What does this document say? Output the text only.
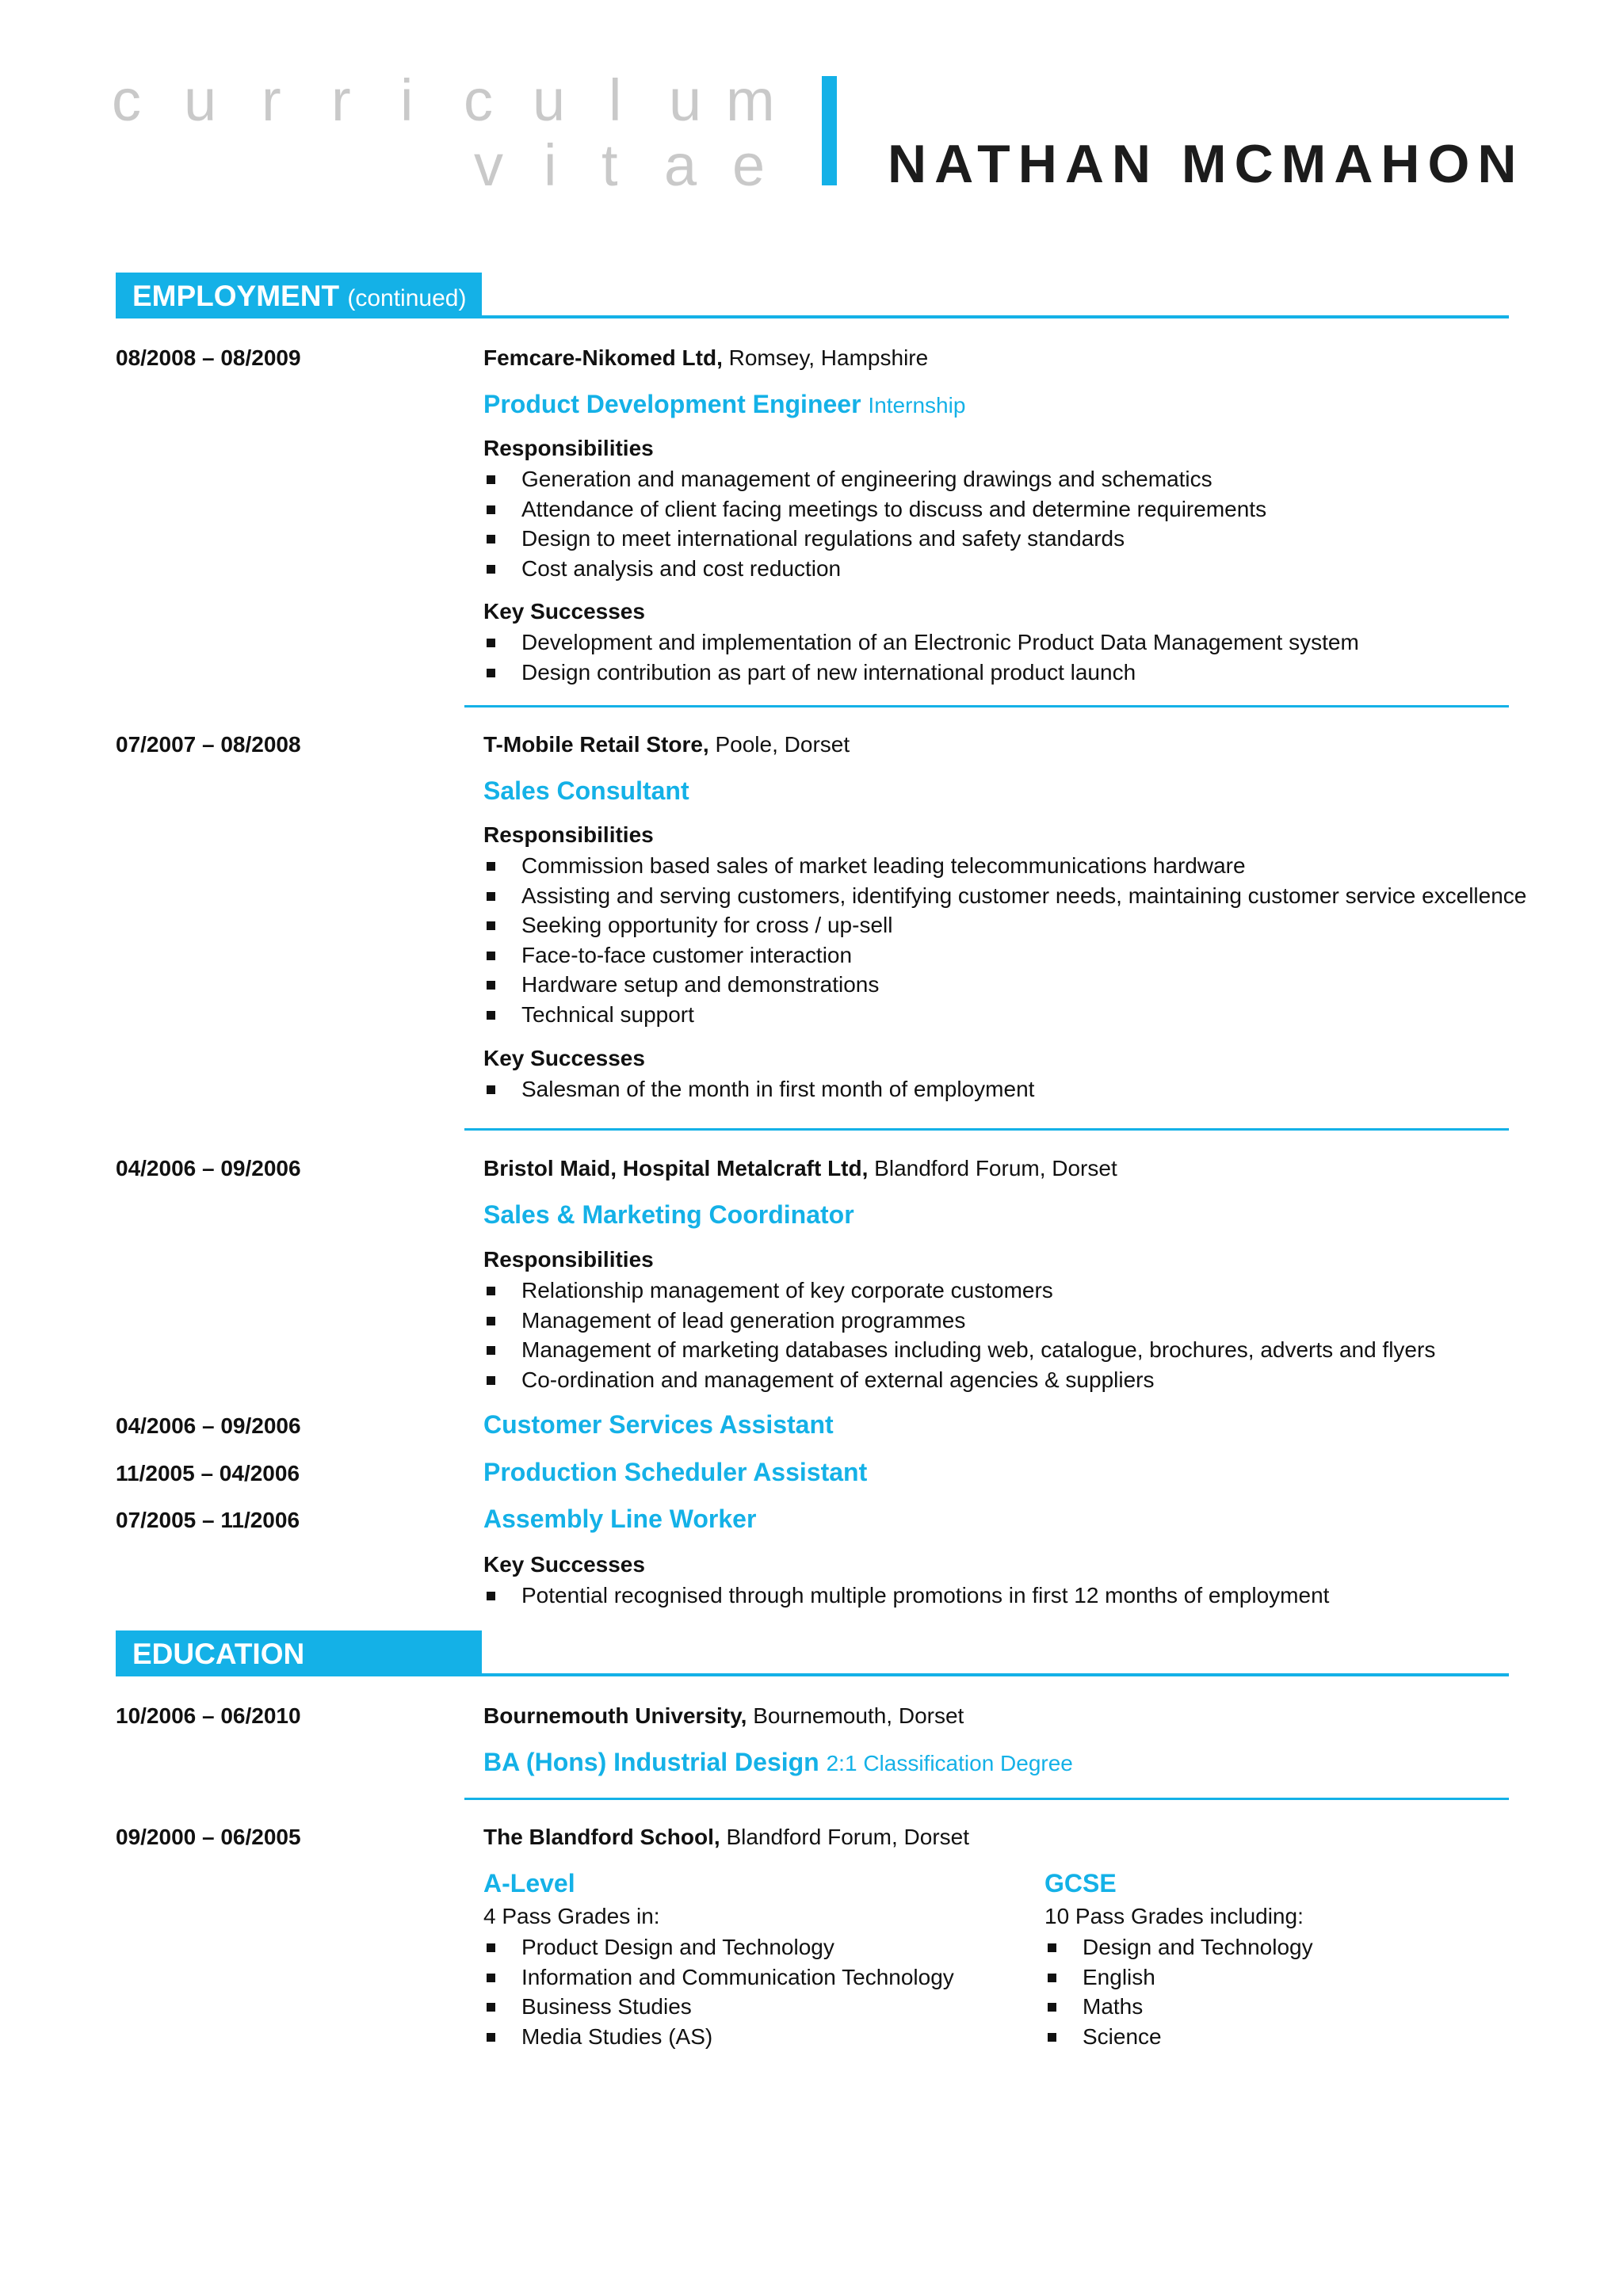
c u r r i c u l u m
v i t a e NATHAN MCMAHON
EMPLOYMENT (continued)
08/2008 – 08/2009	Femcare-Nikomed Ltd, Romsey, Hampshire
Product Development Engineer Internship
Responsibilities
Generation and management of engineering drawings and schematics
Attendance of client facing meetings to discuss and determine requirements
Design to meet international regulations and safety standards
Cost analysis and cost reduction
Key Successes
Development and implementation of an Electronic Product Data Management system
Design contribution as part of new international product launch
07/2007 – 08/2008	T-Mobile Retail Store, Poole, Dorset
Sales Consultant
Responsibilities
Commission based sales of market leading telecommunications hardware
Assisting and serving customers, identifying customer needs, maintaining customer service excellence
Seeking opportunity for cross / up-sell
Face-to-face customer interaction
Hardware setup and demonstrations
Technical support
Key Successes
Salesman of the month in first month of employment
04/2006 – 09/2006	Bristol Maid, Hospital Metalcraft Ltd, Blandford Forum, Dorset
Sales & Marketing Coordinator
Responsibilities
Relationship management of key corporate customers
Management of lead generation programmes
Management of marketing databases including web, catalogue, brochures, adverts and flyers
Co-ordination and management of external agencies & suppliers
04/2006 – 09/2006	Customer Services Assistant
11/2005 – 04/2006	Production Scheduler Assistant
07/2005 – 11/2006	Assembly Line Worker
Key Successes
Potential recognised through multiple promotions in first 12 months of employment
EDUCATION
10/2006 – 06/2010	Bournemouth University, Bournemouth, Dorset
BA (Hons) Industrial Design 2:1 Classification Degree
09/2000 – 06/2005	The Blandford School, Blandford Forum, Dorset
A-Level
4 Pass Grades in:
Product Design and Technology
Information and Communication Technology
Business Studies
Media Studies (AS)
GCSE
10 Pass Grades including:
Design and Technology
English
Maths
Science
